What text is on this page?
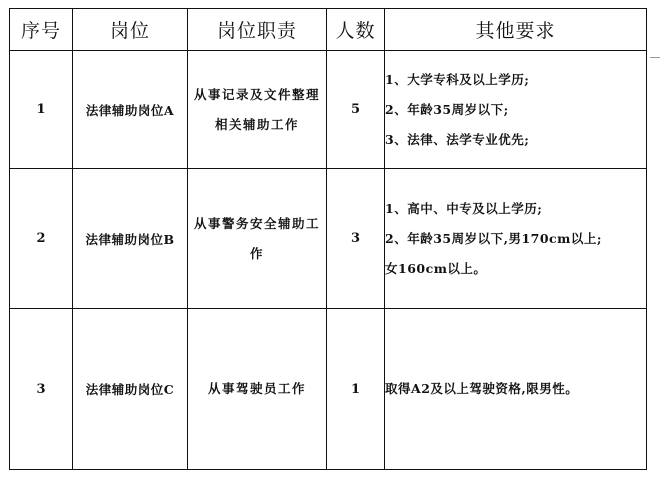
序号	岗位	岗位职责	人数	其他要求
1	法律辅助岗位A	从事记录及文件整理相关辅助工作	5	1、大学专科及以上学历;
2、年龄35周岁以下;
3、法律、法学专业优先;

2	法律辅助岗位B	从事警务安全辅助工作	3	1、高中、中专及以上学历;
2、年龄35周岁以下,男170cm以上;
女160cm以上。

3	法律辅助岗位C	从事驾驶员工作	1	取得A2及以上驾驶资格,限男性。
